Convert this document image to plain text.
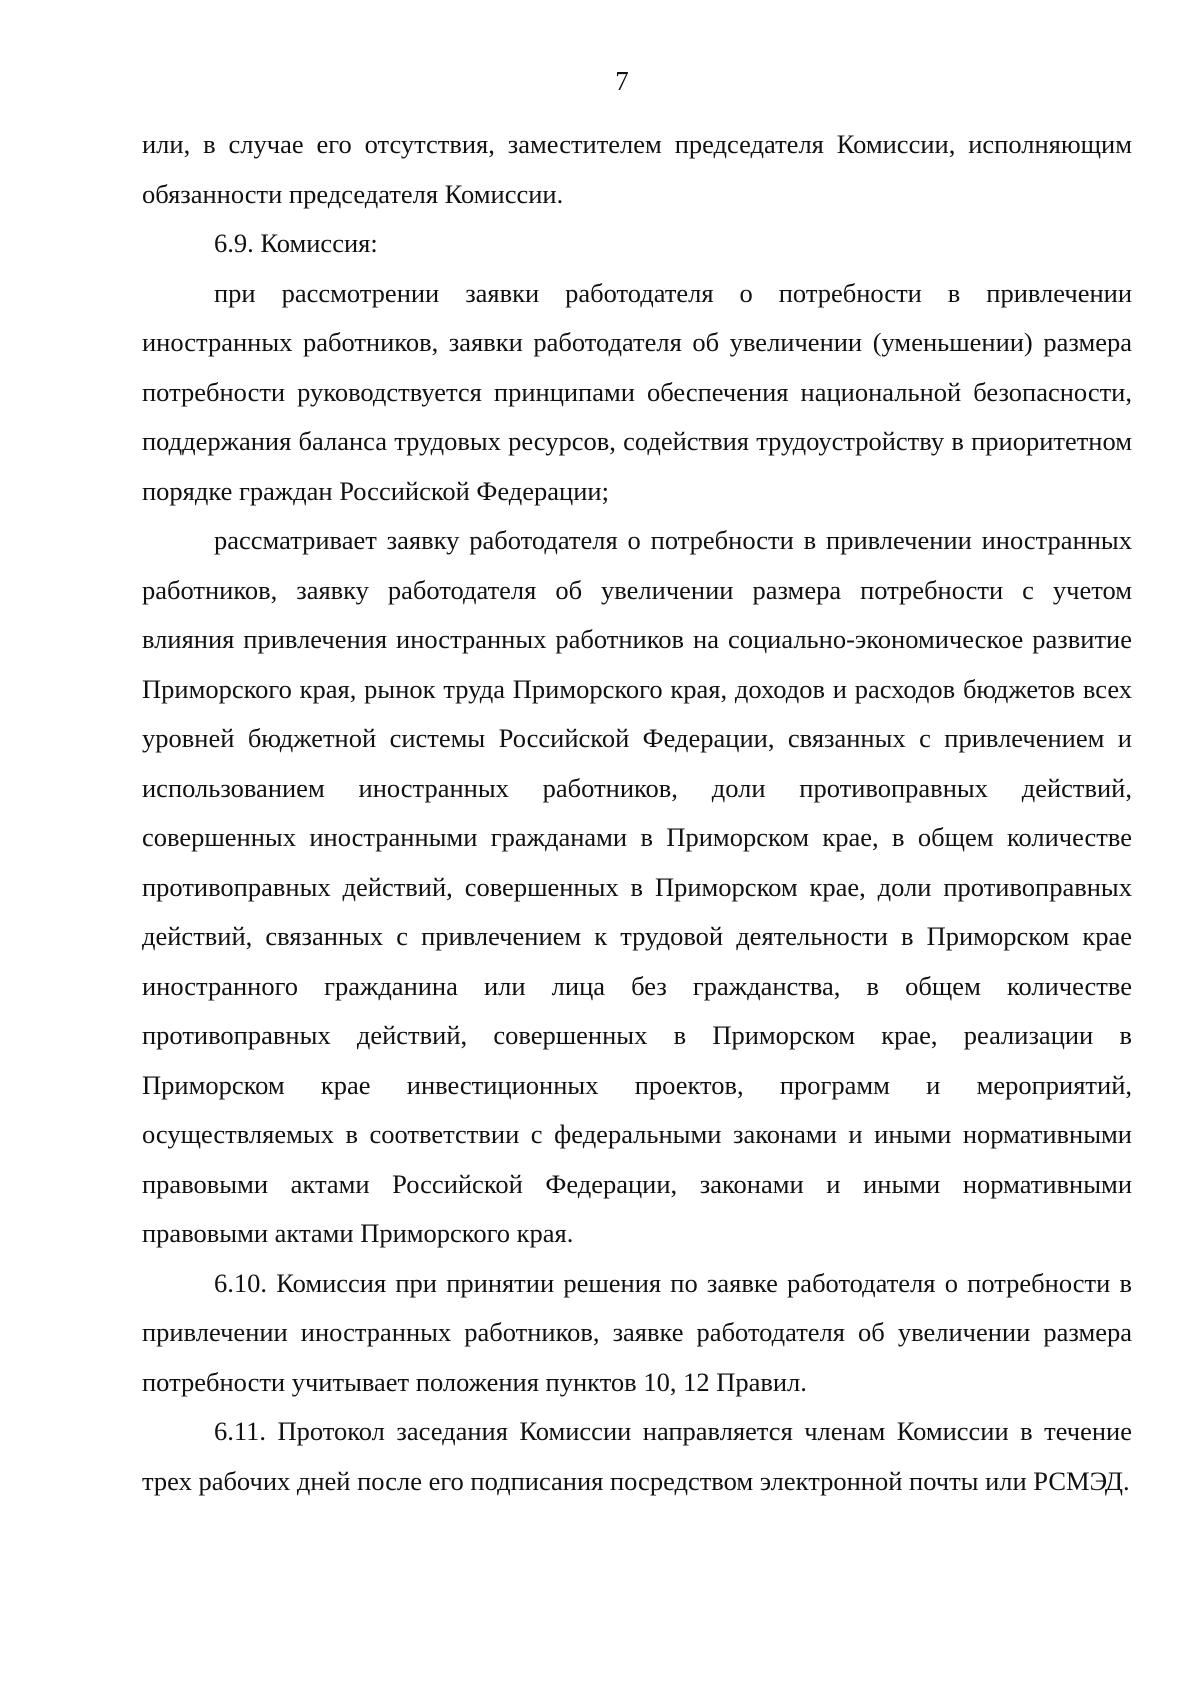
7

или, в случае его отсутствия, заместителем председателя Комиссии, исполняющим обязанности председателя Комиссии.

6.9. Комиссия:

при рассмотрении заявки работодателя о потребности в привлечении иностранных работников, заявки работодателя об увеличении (уменьшении) размера потребности руководствуется принципами обеспечения национальной безопасности, поддержания баланса трудовых ресурсов, содействия трудоустройству в приоритетном порядке граждан Российской Федерации;

рассматривает заявку работодателя о потребности в привлечении иностранных работников, заявку работодателя об увеличении размера потребности с учетом влияния привлечения иностранных работников на социально-экономическое развитие Приморского края, рынок труда Приморского края, доходов и расходов бюджетов всех уровней бюджетной системы Российской Федерации, связанных с привлечением и использованием иностранных работников, доли противоправных действий, совершенных иностранными гражданами в Приморском крае, в общем количестве противоправных действий, совершенных в Приморском крае, доли противоправных действий, связанных с привлечением к трудовой деятельности в Приморском крае иностранного гражданина или лица без гражданства, в общем количестве противоправных действий, совершенных в Приморском крае, реализации в Приморском крае инвестиционных проектов, программ и мероприятий, осуществляемых в соответствии с федеральными законами и иными нормативными правовыми актами Российской Федерации, законами и иными нормативными правовыми актами Приморского края.

6.10. Комиссия при принятии решения по заявке работодателя о потребности в привлечении иностранных работников, заявке работодателя об увеличении размера потребности учитывает положения пунктов 10, 12 Правил.

6.11. Протокол заседания Комиссии направляется членам Комиссии в течение трех рабочих дней после его подписания посредством электронной почты или РСМЭД.
